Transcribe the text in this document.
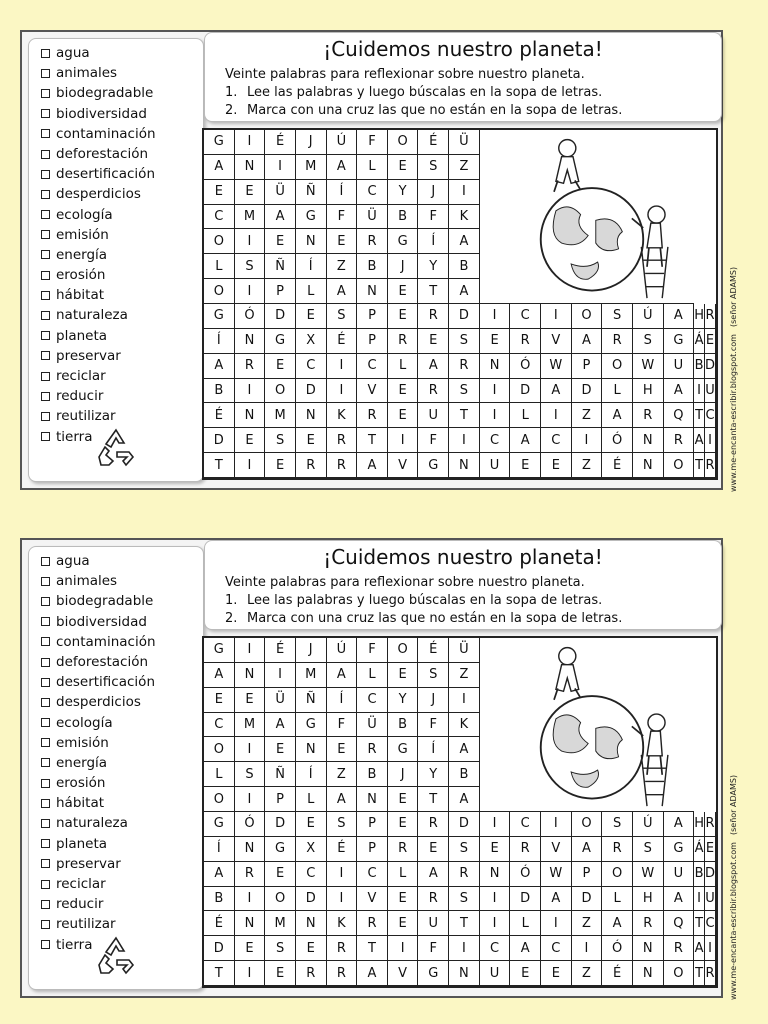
agua
animales
biodegradable
biodiversidad
contaminación
deforestación
desertificación
desperdicios
ecología
emisión
energía
erosión
hábitat
naturaleza
planeta
preservar
reciclar
reducir
reutilizar
tierra
¡Cuidemos nuestro planeta!
Veinte palabras para reflexionar sobre nuestro planeta.
1. Lee las palabras y luego búscalas en la sopa de letras.
2. Marca con una cruz las que no están en la sopa de letras.
G	I	É	J	Ú	F	O	É	Ü
A	N	I	M	A	L	E	S	Z
E	E	Ü	Ñ	Í	C	Y	J	I
C	M	A	G	F	Ü	B	F	K
O	I	E	N	E	R	G	Í	A
L	S	Ñ	Í	Z	B	J	Y	B
O	I	P	L	A	N	E	T	A
G	Ó	D	E	S	P	E	R	D	I	C	I	O	S	Ú	A H R
Í	N	G	X	É	P	R	E	S	E	R	V	A	R	S	G Á E
A	R	E	C	I	C	L	A	R	N	Ó	W	P	O	W	U B D
B	I	O	D	I	V	E	R	S	I	D	A	D	L	H	A	I U
É	N	M	N	K	R	E	U	T	I	L	I	Z	A	R	Q T C
D	E	S	E	R	T	I	F	I	C	A	C	I	Ó	N	R A I
T	I	E	R	R	A	V	G	N	U	E	E	Z	É	N	O T R www.me-encanta-escribir.blogspot.com
(señor ADAMS)
agua
animales
biodegradable
biodiversidad
contaminación
deforestación
desertificación
desperdicios
ecología
emisión
energía
erosión
hábitat
naturaleza
planeta
preservar
reciclar
reducir
reutilizar
tierra
¡Cuidemos nuestro planeta!
Veinte palabras para reflexionar sobre nuestro planeta.
1. Lee las palabras y luego búscalas en la sopa de letras.
2. Marca con una cruz las que no están en la sopa de letras.
G	I	É	J	Ú	F	O	É	Ü
A	N	I	M	A	L	E	S	Z
E	E	Ü	Ñ	Í	C	Y	J	I
C	M	A	G	F	Ü	B	F	K
O	I	E	N	E	R	G	Í	A
L	S	Ñ	Í	Z	B	J	Y	B
O	I	P	L	A	N	E	T	A
G	Ó	D	E	S	P	E	R	D	I	C	I	O	S	Ú	A H R
Í	N	G	X	É	P	R	E	S	E	R	V	A	R	S	G Á E
A	R	E	C	I	C	L	A	R	N	Ó	W	P	O	W	U B D
B	I	O	D	I	V	E	R	S	I	D	A	D	L	H	A	I U
É	N	M	N	K	R	E	U	T	I	L	I	Z	A	R	Q T C
D	E	S	E	R	T	I	F	I	C	A	C	I	Ó	N	R A I
T	I	E	R	R	A	V	G	N	U	E	E	Z	É	N	O T R www.me-encanta-escribir.blogspot.com
(señor ADAMS)
